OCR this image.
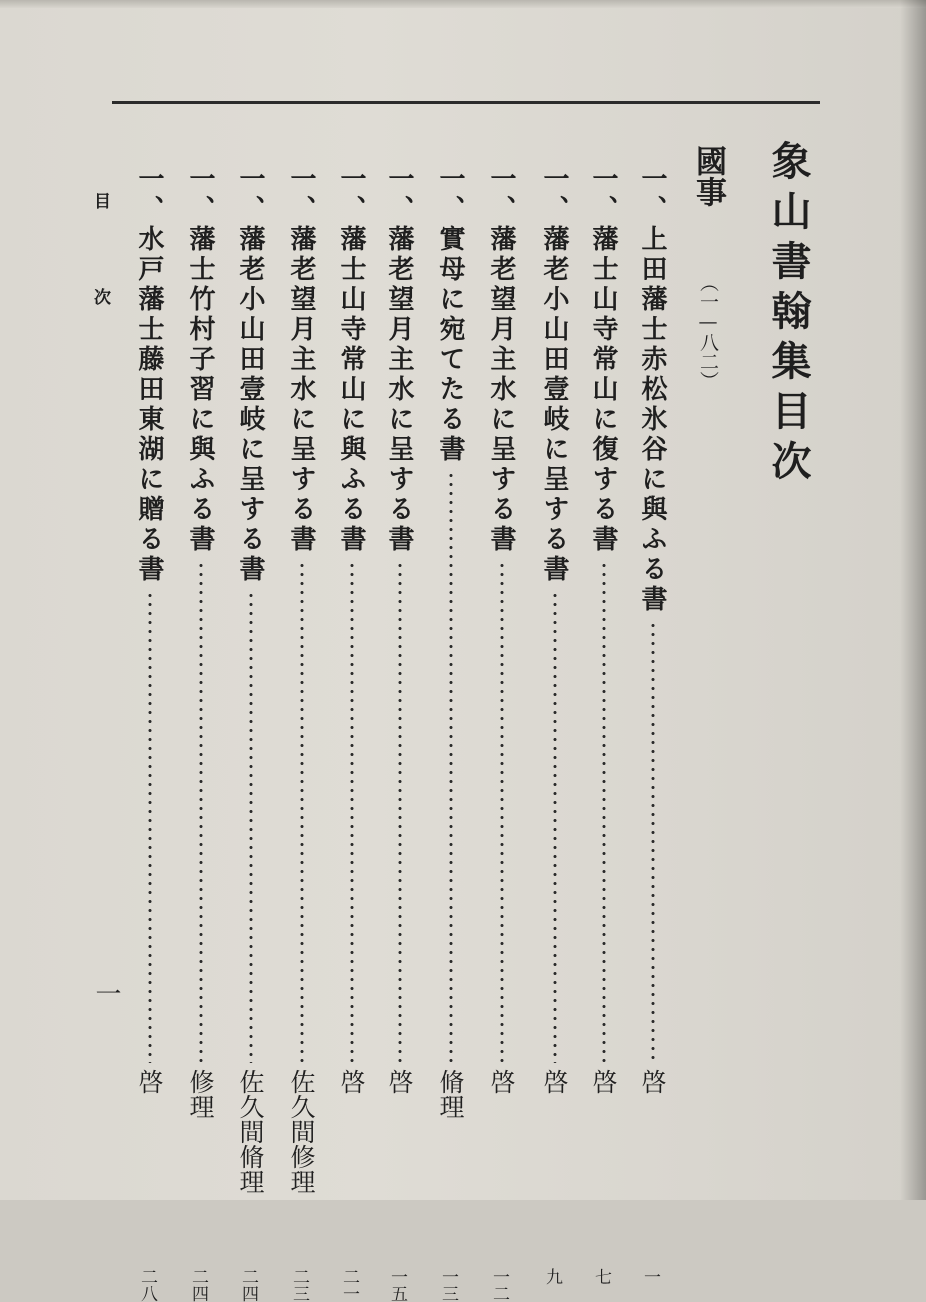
象山書翰集目次
國事（一—八二）
一、上田藩士赤松氷谷に與ふる書
啓
一
一、藩士山寺常山に復する書
啓
七
一、藩老小山田壹岐に呈する書
啓
九
一、藩老望月主水に呈する書
啓
一二
一、實母に宛てたる書
脩理
一三
一、藩老望月主水に呈する書
啓
一五
一、藩士山寺常山に與ふる書
啓
二一
一、藩老望月主水に呈する書
佐久間修理
二三
一、藩老小山田壹岐に呈する書
佐久間脩理
二四
一、藩士竹村子習に與ふる書
修理
二四
一、水戸藩士藤田東湖に贈る書
啓
二八
目
次
一
